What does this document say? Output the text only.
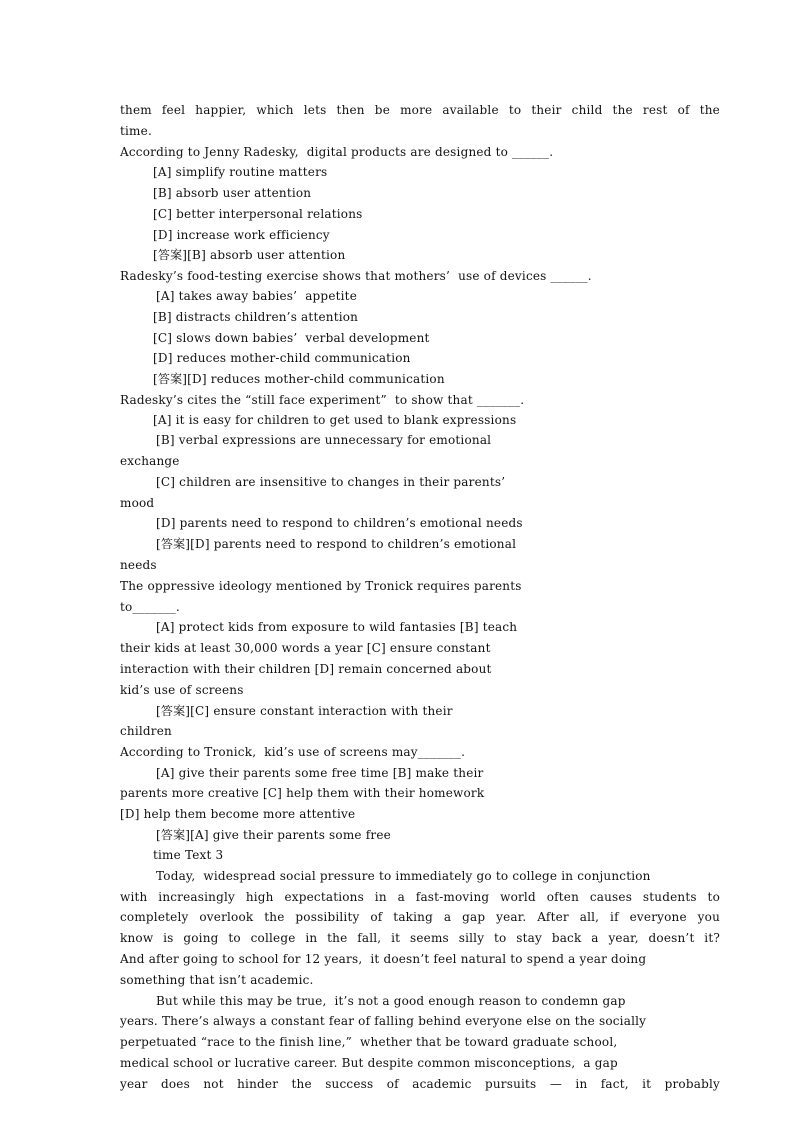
them feel happier, which lets then be more available to their child the rest of the
time.
According to Jenny Radesky,  digital products are designed to ______.
[A] simplify routine matters
[B] absorb user attention
[C] better interpersonal relations
[D] increase work efficiency
[答案][B] absorb user attention
Radesky’s food-testing exercise shows that mothers’  use of devices ______.
[A] takes away babies’  appetite
[B] distracts children’s attention
[C] slows down babies’  verbal development
[D] reduces mother-child communication
[答案][D] reduces mother-child communication
Radesky’s cites the “still face experiment”  to show that _______.
[A] it is easy for children to get used to blank expressions
[B] verbal expressions are unnecessary for emotional
exchange
[C] children are insensitive to changes in their parents’
mood
[D] parents need to respond to children’s emotional needs
[答案][D] parents need to respond to children’s emotional
needs
The oppressive ideology mentioned by Tronick requires parents
to_______.
[A] protect kids from exposure to wild fantasies [B] teach
their kids at least 30,000 words a year [C] ensure constant
interaction with their children [D] remain concerned about
kid’s use of screens
[答案][C] ensure constant interaction with their
children
According to Tronick,  kid’s use of screens may_______.
[A] give their parents some free time [B] make their
parents more creative [C] help them with their homework
[D] help them become more attentive
[答案][A] give their parents some free
time Text 3
Today,  widespread social pressure to immediately go to college in conjunction
with increasingly high expectations in a fast-moving world often causes students to
completely overlook the possibility of taking a gap year. After all, if everyone you
know is going to college in the fall, it seems silly to stay back a year, doesn’t it?
And after going to school for 12 years,  it doesn’t feel natural to spend a year doing
something that isn’t academic.
But while this may be true,  it’s not a good enough reason to condemn gap
years. There’s always a constant fear of falling behind everyone else on the socially
perpetuated “race to the finish line,”  whether that be toward graduate school,
medical school or lucrative career. But despite common misconceptions,  a gap
year does not hinder the success of academic pursuits — in fact, it probably
